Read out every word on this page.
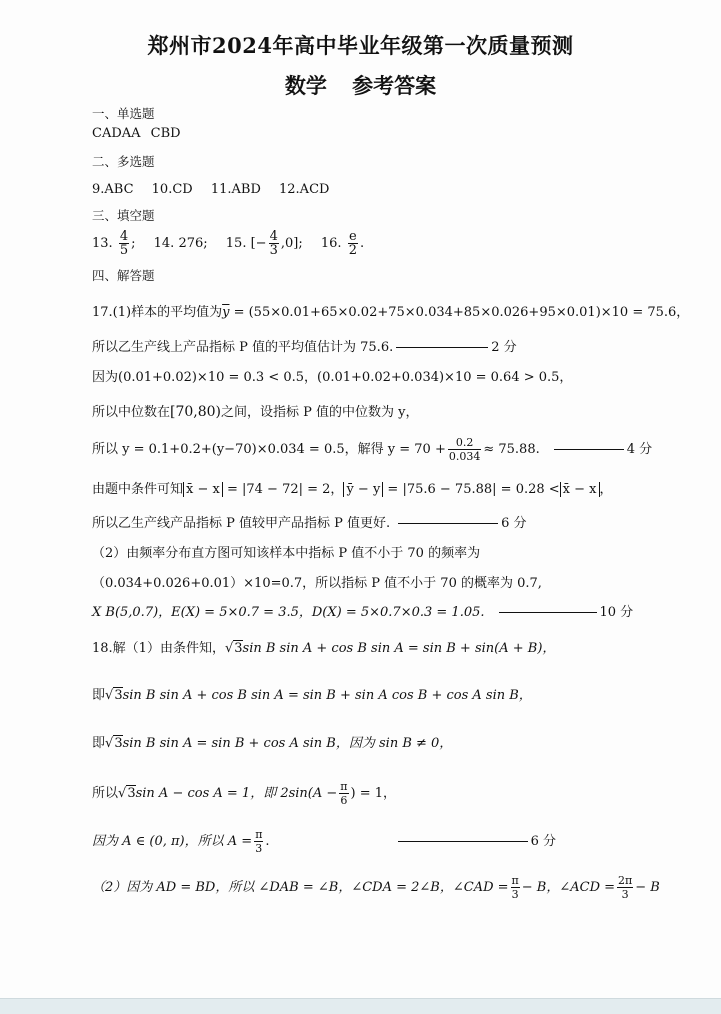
郑州市2024年高中毕业年级第一次质量预测
数学 参考答案
一、单选题
CADAA CBD
二、多选题
9.ABC 10.CD 11.ABD 12.ACD
三、填空题
13. $\frac{4}{5}$ ; 14. 276; 15. [− $\frac{4}{3} ,0$]; 16. $\frac{e}{2}$ .
四、解答题
17.(1)样本的平均值为$\overline{y} = (55\times 0.01+65\times 0.02+75\times 0.034+85\times 0.026+95\times 0.01)\times 10 = 75.6$，
所以乙生产线上产品指标 P 值的平均值估计为 75.6.	2 分
因为(0.01+0.02)×10 = 0.3 < 0.5，(0.01+0.02+0.034)×10 = 0.64 > 0.5，
所以中位数在[70,80)之间，设指标 P 值的中位数为 y，
所以 y = 0.1+0.2+(y−70)×0.034 = 0.5，解得 $y = 70 + \frac{0.2}{0.034} \approx 75.88$.	4 分
由题中条件可知 x̄ − x = |74 − 72| = 2， ȳ − y = |75.6 − 75.88| = 0.28 < x̄ − x ，
所以乙生产线产品指标 P 值较甲产品指标 P 值更好.	6 分
（2）由频率分布直方图可知该样本中指标 P 值不小于 70 的频率为
（0.034+0.026+0.01）×10=0.7，所以指标 P 值不小于 70 的概率为 0.7,
X B(5,0.7)，E(X) = 5×0.7 = 3.5，D(X) = 5×0.7×0.3 = 1.05.	10 分
18.解（1）由条件知，√3sin B sin A + cos B sin A = sin B + sin(A + B)，
即√3sin B sin A + cos B sin A = sin B + sin A cos B + cos A sin B，
即√3sin B sin A = sin B + cos A sin B，因为 sin B ≠ 0，
所以√3sin A − cos A = 1，即 $2\sin(A - \frac{\pi}{6}$ ) = 1，
因为 A ∈ (0, π)，所以 $A = \frac{\pi}{3}$ .	6 分
（2）因为 AD = BD，所以 ∠DAB = ∠B，∠CDA = 2∠B，∠CAD = $\frac{\pi}{3} - B$，∠ACD = $\frac{2\pi}{3} - B$
